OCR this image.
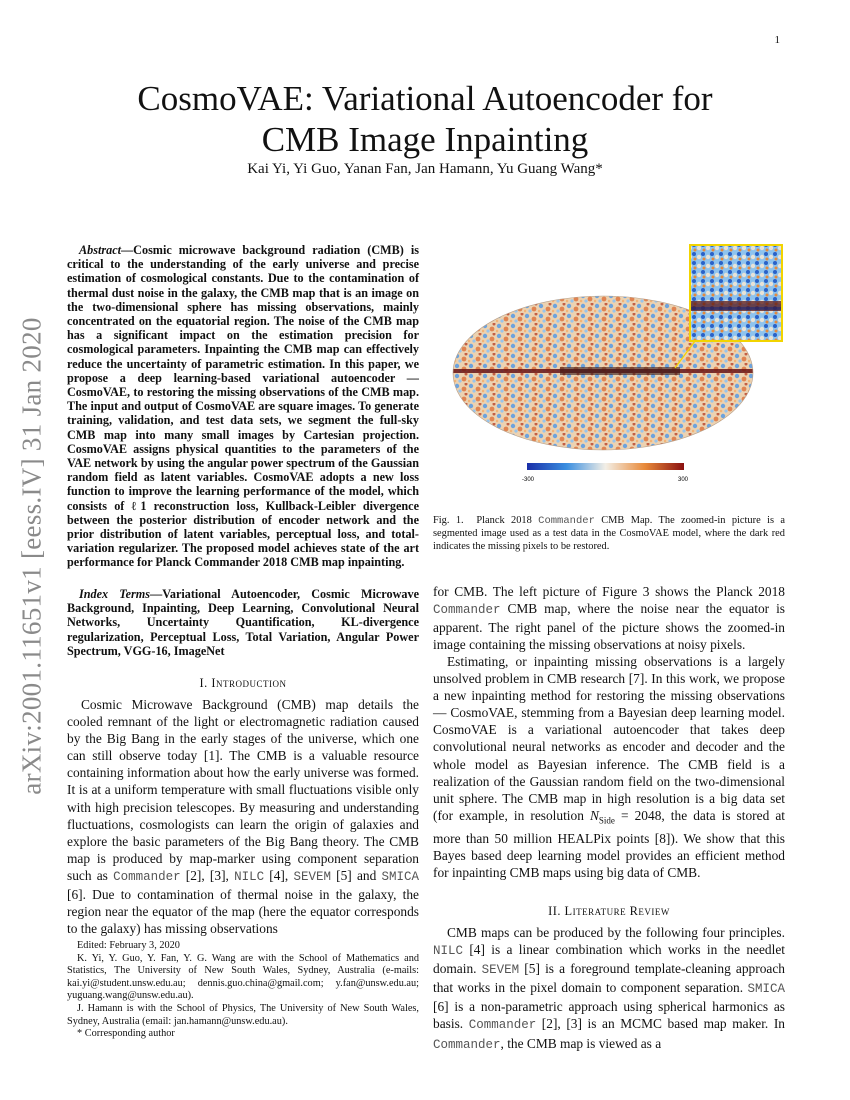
1
arXiv:2001.11651v1 [eess.IV] 31 Jan 2020
CosmoVAE: Variational Autoencoder for CMB Image Inpainting
Kai Yi, Yi Guo, Yanan Fan, Jan Hamann, Yu Guang Wang*

Abstract—Cosmic microwave background radiation (CMB) is critical to the understanding of the early universe and precise estimation of cosmological constants. Due to the contamination of thermal dust noise in the galaxy, the CMB map that is an image on the two-dimensional sphere has missing observations, mainly concentrated on the equatorial region. The noise of the CMB map has a significant impact on the estimation precision for cosmological parameters. Inpainting the CMB map can effectively reduce the uncertainty of parametric estimation. In this paper, we propose a deep learning-based variational autoencoder — CosmoVAE, to restoring the missing observations of the CMB map. The input and output of CosmoVAE are square images. To generate training, validation, and test data sets, we segment the full-sky CMB map into many small images by Cartesian projection. CosmoVAE assigns physical quantities to the parameters of the VAE network by using the angular power spectrum of the Gaussian random field as latent variables. CosmoVAE adopts a new loss function to improve the learning performance of the model, which consists of ℓ1 reconstruction loss, Kullback-Leibler divergence between the posterior distribution of encoder network and the prior distribution of latent variables, perceptual loss, and total-variation regularizer. The proposed model achieves state of the art performance for Planck Commander 2018 CMB map inpainting.

Index Terms—Variational Autoencoder, Cosmic Microwave Background, Inpainting, Deep Learning, Convolutional Neural Networks, Uncertainty Quantification, KL-divergence regularization, Perceptual Loss, Total Variation, Angular Power Spectrum, VGG-16, ImageNet

I. Introduction

Cosmic Microwave Background (CMB) map details the cooled remnant of the light or electromagnetic radiation caused by the Big Bang in the early stages of the universe, which one can still observe today [1]. The CMB is a valuable resource containing information about how the early universe was formed. It is at a uniform temperature with small fluctuations visible only with high precision telescopes. By measuring and understanding fluctuations, cosmologists can learn the origin of galaxies and explore the basic parameters of the Big Bang theory. The CMB map is produced by map-marker using component separation such as Commander [2], [3], NILC [4], SEVEM [5] and SMICA [6]. Due to contamination of thermal noise in the galaxy, the region near the equator of the map (here the equator corresponds to the galaxy) has missing observations

Edited: February 3, 2020

K. Yi, Y. Guo, Y. Fan, Y. G. Wang are with the School of Mathematics and Statistics, The University of New South Wales, Sydney, Australia (e-mails: kai.yi@student.unsw.edu.au; dennis.guo.china@gmail.com; y.fan@unsw.edu.au; yuguang.wang@unsw.edu.au).

J. Hamann is with the School of Physics, The University of New South Wales, Sydney, Australia (email: jan.hamann@unsw.edu.au).

* Corresponding author

-300	300
Fig. 1. Planck 2018 Commander CMB Map. The zoomed-in picture is a segmented image used as a test data in the CosmoVAE model, where the dark red indicates the missing pixels to be restored.

for CMB. The left picture of Figure 3 shows the Planck 2018 Commander CMB map, where the noise near the equator is apparent. The right panel of the picture shows the zoomed-in image containing the missing observations at noisy pixels.

Estimating, or inpainting missing observations is a largely unsolved problem in CMB research [7]. In this work, we propose a new inpainting method for restoring the missing observations — CosmoVAE, stemming from a Bayesian deep learning model. CosmoVAE is a variational autoencoder that takes deep convolutional neural networks as encoder and decoder and the whole model as Bayesian inference. The CMB field is a realization of the Gaussian random field on the two-dimensional unit sphere. The CMB map in high resolution is a big data set (for example, in resolution $N_{Side} = 2048$, the data is stored at more than 50 million HEALPix points [8]). We show that this Bayes based deep learning model provides an efficient method for inpainting CMB maps using big data of CMB.

II. Literature Review

CMB maps can be produced by the following four principles. NILC [4] is a linear combination which works in the needlet domain. SEVEM [5] is a foreground template-cleaning approach that works in the pixel domain to component separation. SMICA [6] is a non-parametric approach using spherical harmonics as basis. Commander [2], [3] is an MCMC based map maker. In Commander, the CMB map is viewed as a
